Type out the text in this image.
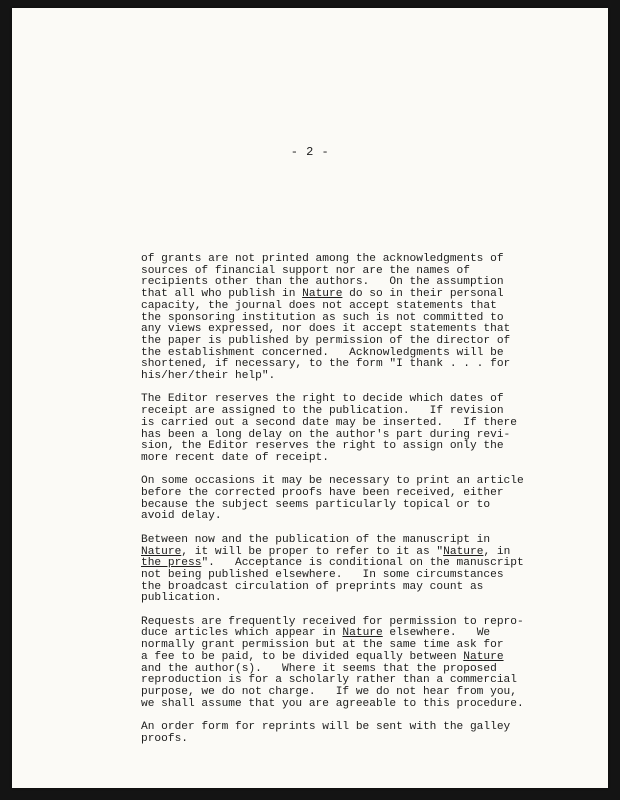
- 2 -
of grants are not printed among the acknowledgments of
sources of financial support nor are the names of
recipients other than the authors.   On the assumption
that all who publish in Nature do so in their personal
capacity, the journal does not accept statements that
the sponsoring institution as such is not committed to
any views expressed, nor does it accept statements that
the paper is published by permission of the director of
the establishment concerned.   Acknowledgments will be
shortened, if necessary, to the form "I thank . . . for
his/her/their help".
The Editor reserves the right to decide which dates of
receipt are assigned to the publication.   If revision
is carried out a second date may be inserted.   If there
has been a long delay on the author's part during revi-
sion, the Editor reserves the right to assign only the
more recent date of receipt.
On some occasions it may be necessary to print an article
before the corrected proofs have been received, either
because the subject seems particularly topical or to
avoid delay.
Between now and the publication of the manuscript in
Nature, it will be proper to refer to it as "Nature, in
the press".   Acceptance is conditional on the manuscript
not being published elsewhere.   In some circumstances
the broadcast circulation of preprints may count as
publication.
Requests are frequently received for permission to repro-
duce articles which appear in Nature elsewhere.   We
normally grant permission but at the same time ask for
a fee to be paid, to be divided equally between Nature
and the author(s).   Where it seems that the proposed
reproduction is for a scholarly rather than a commercial
purpose, we do not charge.   If we do not hear from you,
we shall assume that you are agreeable to this procedure.
An order form for reprints will be sent with the galley
proofs.
